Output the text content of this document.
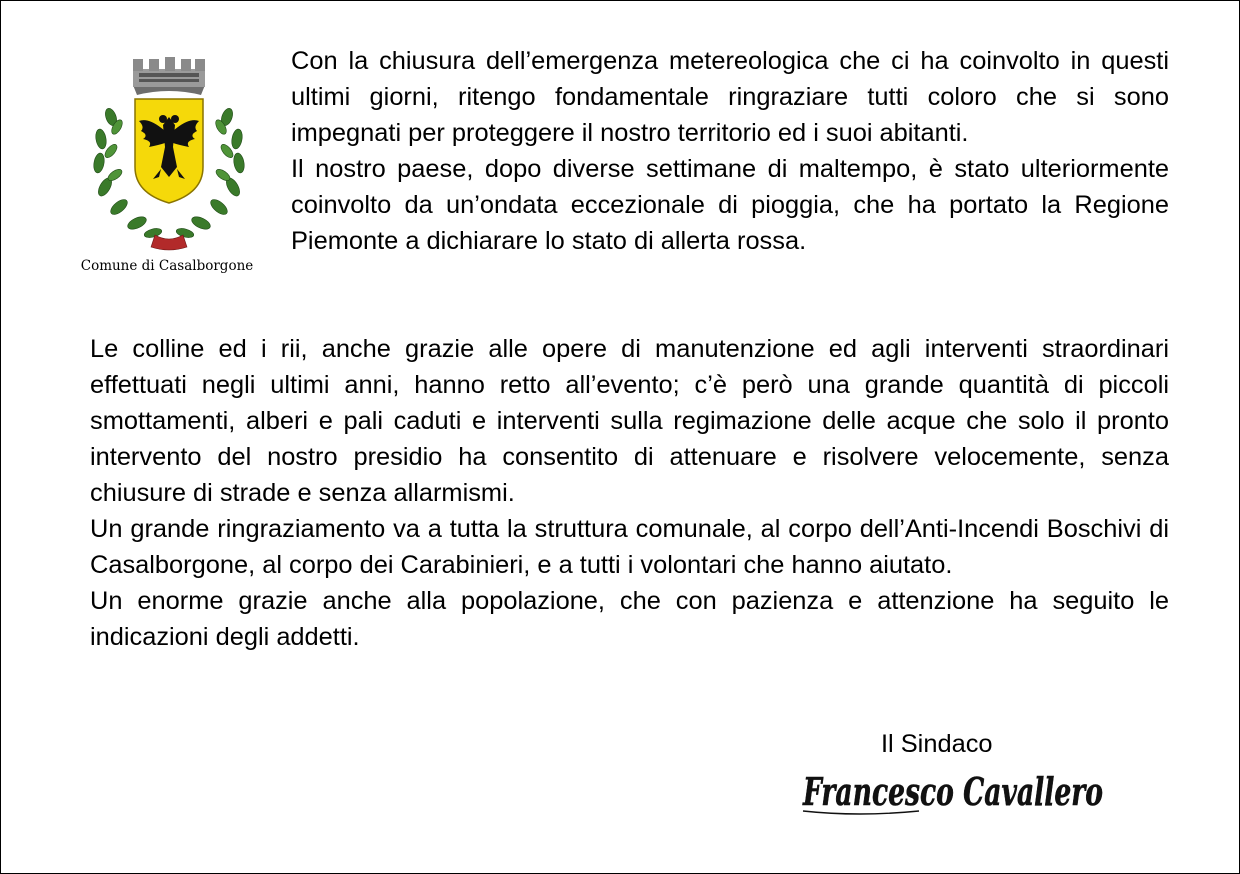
Comune di Casalborgone

Con la chiusura dell’emergenza metereologica che ci ha coinvolto in questi ultimi giorni, ritengo fondamentale ringraziare tutti coloro che si sono impegnati per proteggere il nostro territorio ed i suoi abitanti.

Il nostro paese, dopo diverse settimane di maltempo, è stato ulteriormente coinvolto da un’ondata eccezionale di pioggia, che ha portato la Regione Piemonte a dichiarare lo stato di allerta rossa.

Le colline ed i rii, anche grazie alle opere di manutenzione ed agli interventi straordinari effettuati negli ultimi anni, hanno retto all’evento; c’è però una grande quantità di piccoli smottamenti, alberi e pali caduti e interventi sulla regimazione delle acque che solo il pronto intervento del nostro presidio ha consentito di attenuare e risolvere velocemente, senza chiusure di strade e senza allarmismi.

Un grande ringraziamento va a tutta la struttura comunale, al corpo dell’Anti-Incendi Boschivi di Casalborgone, al corpo dei Carabinieri, e a tutti i volontari che hanno aiutato.

Un enorme grazie anche alla popolazione, che con pazienza e attenzione ha seguito le indicazioni degli addetti.

Il Sindaco
Francesco Cavallero
